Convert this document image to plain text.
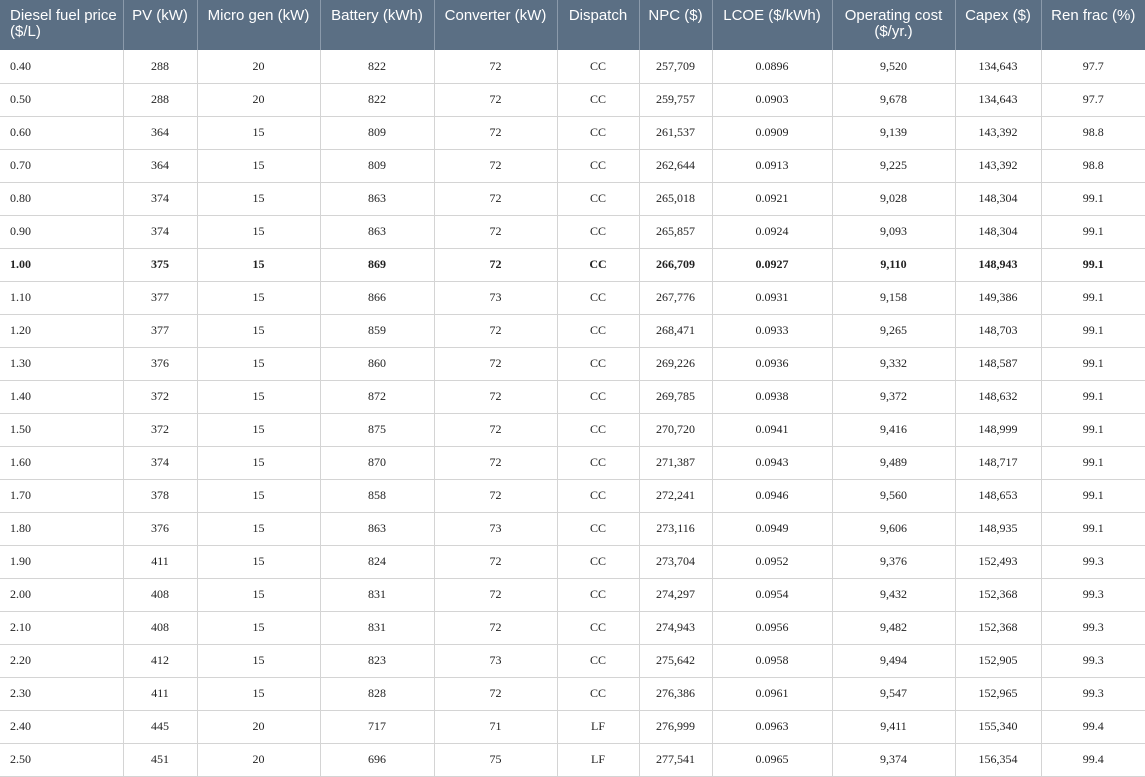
Diesel fuel price ($/L)	PV (kW)	Micro gen (kW)	Battery (kWh)	Converter (kW)	Dispatch	NPC ($)	LCOE ($/kWh)	Operating cost ($/yr.)	Capex ($)	Ren frac (%)
0.40	288	20	822	72	CC	257,709	0.0896	9,520	134,643	97.7
0.50	288	20	822	72	CC	259,757	0.0903	9,678	134,643	97.7
0.60	364	15	809	72	CC	261,537	0.0909	9,139	143,392	98.8
0.70	364	15	809	72	CC	262,644	0.0913	9,225	143,392	98.8
0.80	374	15	863	72	CC	265,018	0.0921	9,028	148,304	99.1
0.90	374	15	863	72	CC	265,857	0.0924	9,093	148,304	99.1
1.00	375	15	869	72	CC	266,709	0.0927	9,110	148,943	99.1
1.10	377	15	866	73	CC	267,776	0.0931	9,158	149,386	99.1
1.20	377	15	859	72	CC	268,471	0.0933	9,265	148,703	99.1
1.30	376	15	860	72	CC	269,226	0.0936	9,332	148,587	99.1
1.40	372	15	872	72	CC	269,785	0.0938	9,372	148,632	99.1
1.50	372	15	875	72	CC	270,720	0.0941	9,416	148,999	99.1
1.60	374	15	870	72	CC	271,387	0.0943	9,489	148,717	99.1
1.70	378	15	858	72	CC	272,241	0.0946	9,560	148,653	99.1
1.80	376	15	863	73	CC	273,116	0.0949	9,606	148,935	99.1
1.90	411	15	824	72	CC	273,704	0.0952	9,376	152,493	99.3
2.00	408	15	831	72	CC	274,297	0.0954	9,432	152,368	99.3
2.10	408	15	831	72	CC	274,943	0.0956	9,482	152,368	99.3
2.20	412	15	823	73	CC	275,642	0.0958	9,494	152,905	99.3
2.30	411	15	828	72	CC	276,386	0.0961	9,547	152,965	99.3
2.40	445	20	717	71	LF	276,999	0.0963	9,411	155,340	99.4
2.50	451	20	696	75	LF	277,541	0.0965	9,374	156,354	99.4
